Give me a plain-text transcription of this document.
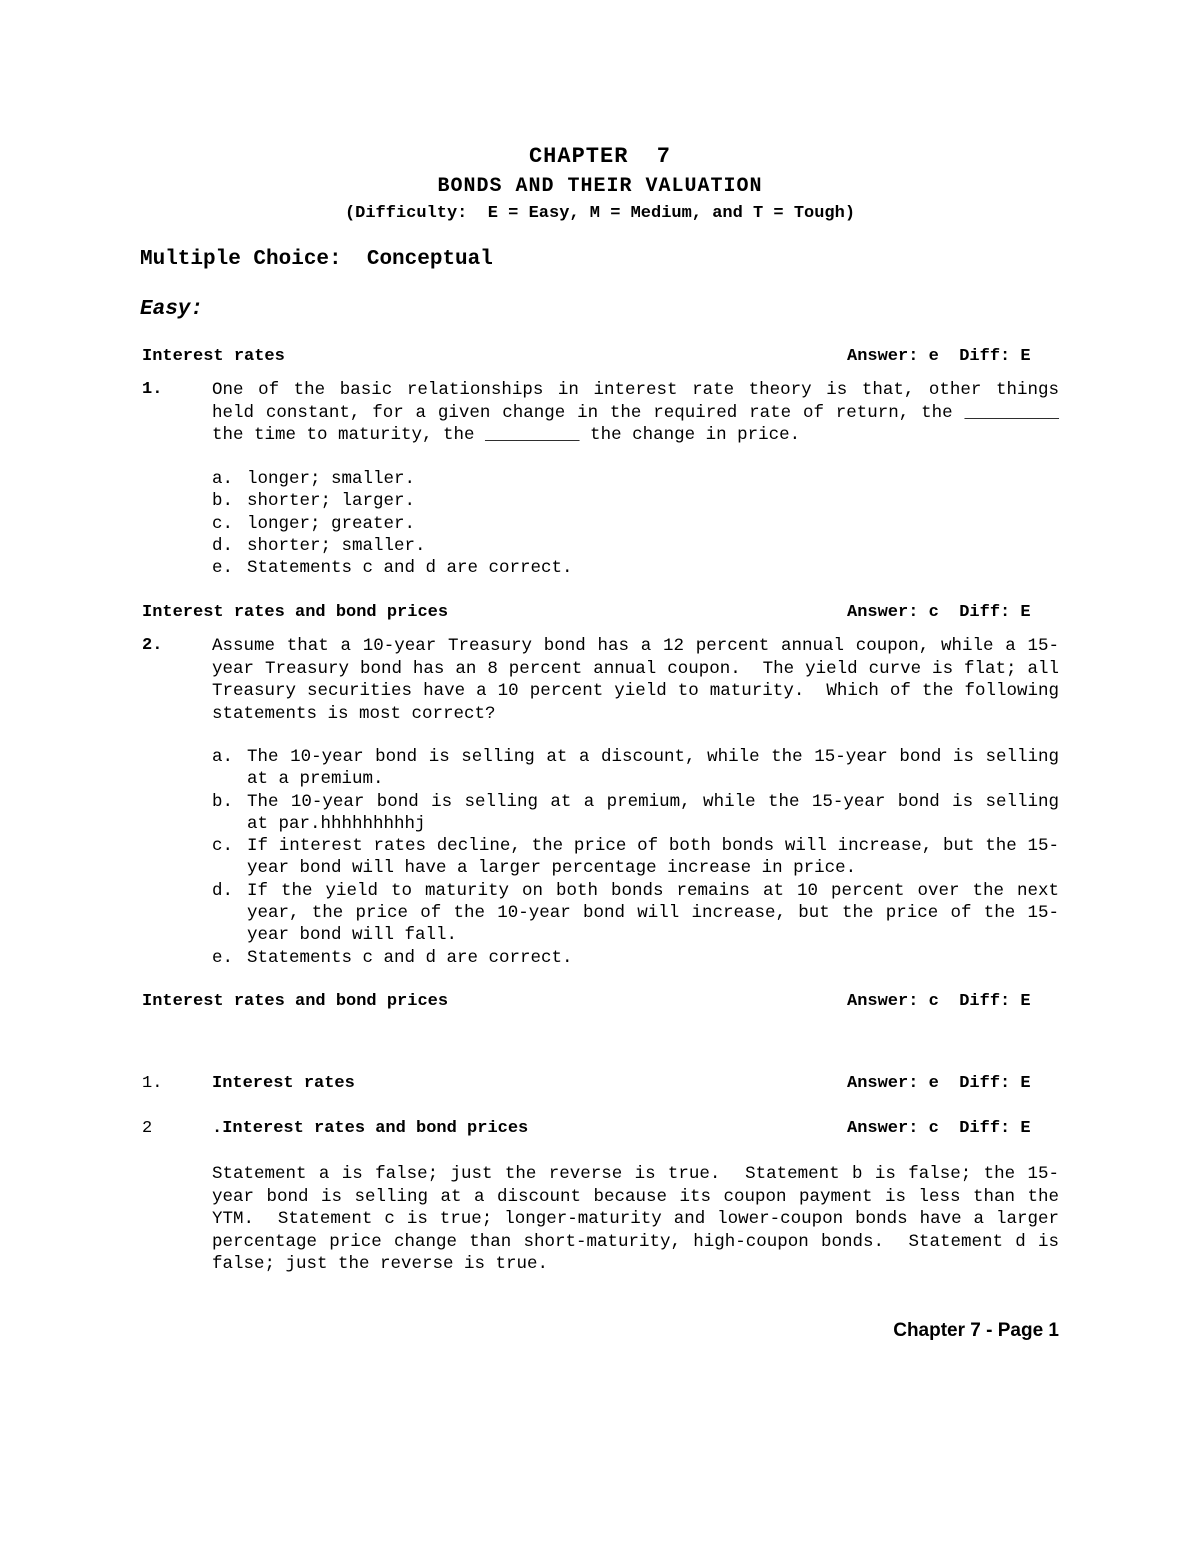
CHAPTER  7
BONDS AND THEIR VALUATION
(Difficulty:  E = Easy, M = Medium, and T = Tough)
Multiple Choice:  Conceptual
Easy:
Interest rates	Answer: e  Diff: E
1.	One of the basic relationships in interest rate theory is that, other things held constant, for a given change in the required rate of return, the _________ the time to maturity, the _________ the change in price.

a. longer; smaller.
b. shorter; larger.
c. longer; greater.
d. shorter; smaller.
e. Statements c and d are correct.
Interest rates and bond prices	Answer: c  Diff: E
2.	Assume that a 10-year Treasury bond has a 12 percent annual coupon, while a 15-year Treasury bond has an 8 percent annual coupon.  The yield curve is flat; all Treasury securities have a 10 percent yield to maturity.  Which of the following statements is most correct?

a. The 10-year bond is selling at a discount, while the 15-year bond is selling at a premium.
b. The 10-year bond is selling at a premium, while the 15-year bond is selling at par.hhhhhhhhhj
c. If interest rates decline, the price of both bonds will increase, but the 15-year bond will have a larger percentage increase in price.
d. If the yield to maturity on both bonds remains at 10 percent over the next year, the price of the 10-year bond will increase, but the price of the 15-year bond will fall.
e. Statements c and d are correct.
Interest rates and bond prices	Answer: c  Diff: E
1.	Interest rates	Answer: e  Diff: E
2	.Interest rates and bond prices	Answer: c  Diff: E

Statement a is false; just the reverse is true.  Statement b is false; the 15-year bond is selling at a discount because its coupon payment is less than the YTM.  Statement c is true; longer-maturity and lower-coupon bonds have a larger percentage price change than short-maturity, high-coupon bonds.  Statement d is false; just the reverse is true.

Chapter 7 - Page 1
